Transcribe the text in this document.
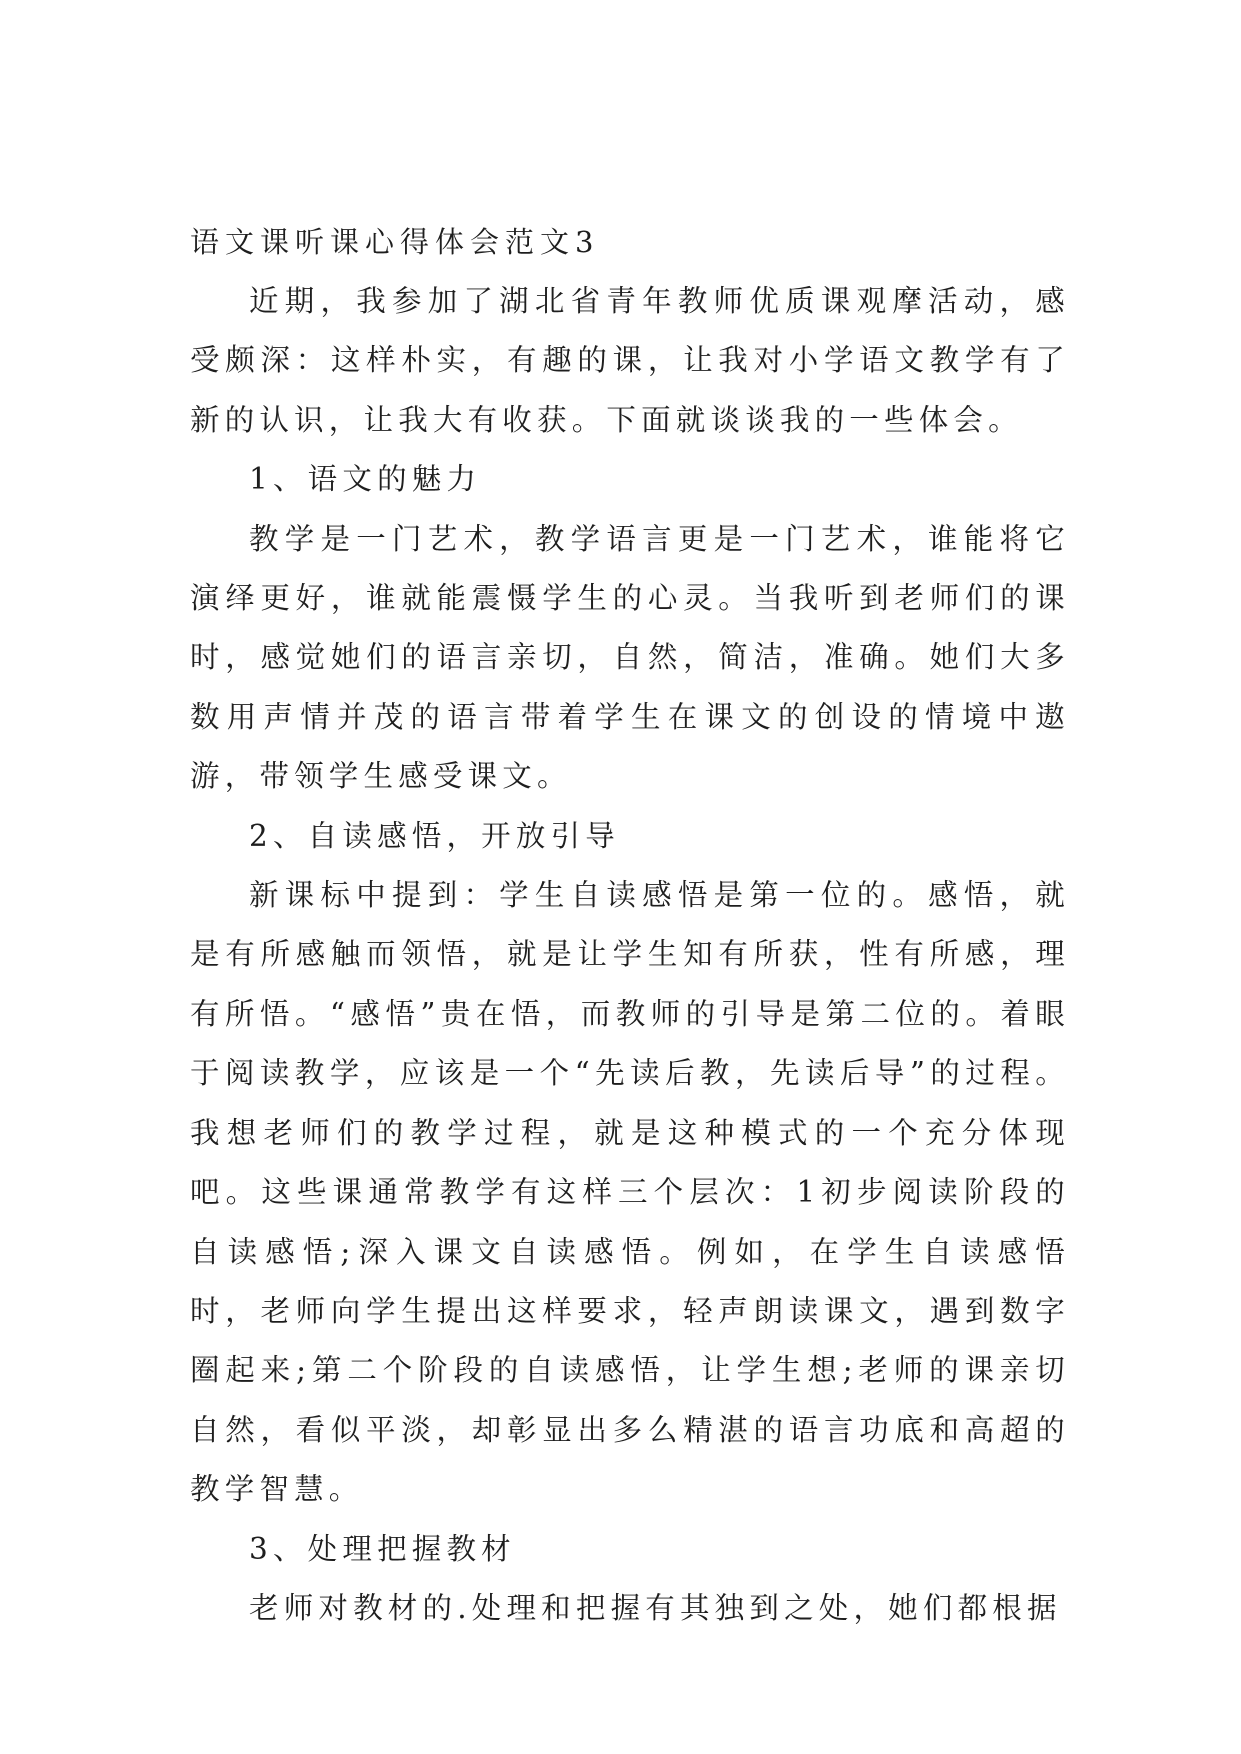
语文课听课心得体会范文3

近期，我参加了湖北省青年教师优质课观摩活动，感受颇深：这样朴实，有趣的课，让我对小学语文教学有了新的认识，让我大有收获。下面就谈谈我的一些体会。

1、语文的魅力

教学是一门艺术，教学语言更是一门艺术，谁能将它演绎更好，谁就能震慑学生的心灵。当我听到老师们的课时，感觉她们的语言亲切，自然，简洁，准确。她们大多数用声情并茂的语言带着学生在课文的创设的情境中遨游，带领学生感受课文。

2、自读感悟，开放引导

新课标中提到：学生自读感悟是第一位的。感悟，就是有所感触而领悟，就是让学生知有所获，性有所感，理有所悟。“感悟”贵在悟，而教师的引导是第二位的。着眼于阅读教学，应该是一个“先读后教，先读后导”的过程。我想老师们的教学过程，就是这种模式的一个充分体现吧。这些课通常教学有这样三个层次：1初步阅读阶段的自读感悟;深入课文自读感悟。例如，在学生自读感悟时，老师向学生提出这样要求，轻声朗读课文，遇到数字圈起来;第二个阶段的自读感悟，让学生想;老师的课亲切自然，看似平淡，却彰显出多么精湛的语言功底和高超的教学智慧。

3、处理把握教材

老师对教材的.处理和把握有其独到之处，她们都根据
